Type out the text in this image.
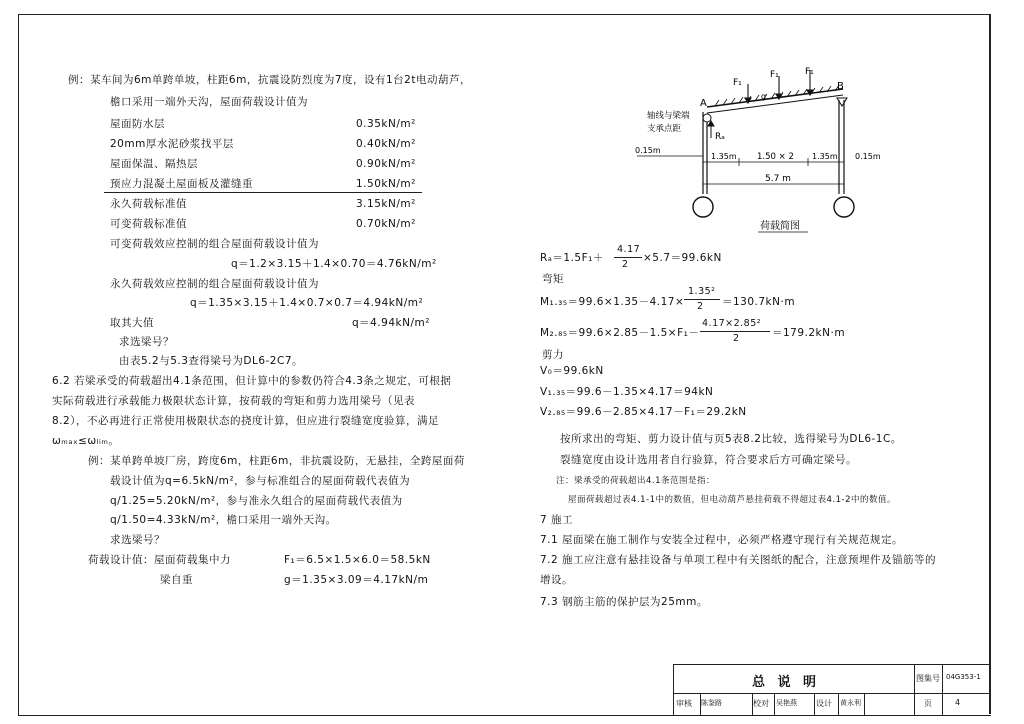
例：某车间为6m单跨单坡，柱距6m，抗震设防烈度为7度，设有1台2t电动葫芦，
檐口采用一端外天沟，屋面荷载设计值为
屋面防水层	0.35kN/m²
20mm厚水泥砂浆找平层	0.40kN/m²
屋面保温、隔热层	0.90kN/m²
预应力混凝土屋面板及灌缝重	1.50kN/m²
永久荷载标准值	3.15kN/m²
可变荷载标准值	0.70kN/m²
可变荷载效应控制的组合屋面荷载设计值为
q＝1.2×3.15＋1.4×0.70＝4.76kN/m²
永久荷载效应控制的组合屋面荷载设计值为
q＝1.35×3.15＋1.4×0.7×0.7＝4.94kN/m²
取其大值	q＝4.94kN/m²
求选梁号？
由表5.2与5.3查得梁号为DL6-2C7。
6.2 若梁承受的荷载超出4.1条范围，但计算中的参数仍符合4.3条之规定，可根据
实际荷载进行承载能力极限状态计算，按荷载的弯矩和剪力选用梁号（见表
8.2），不必再进行正常使用极限状态的挠度计算，但应进行裂缝宽度验算，满足
ωₘₐₓ≤ωₗᵢₘ。
例：某单跨单坡厂房，跨度6m，柱距6m，非抗震设防，无悬挂，全跨屋面荷
载设计值为q=6.5kN/m²，参与标准组合的屋面荷载代表值为
q/1.25=5.20kN/m²，参与准永久组合的屋面荷载代表值为
q/1.50=4.33kN/m²，檐口采用一端外天沟。
求选梁号？
荷载设计值：屋面荷载集中力	F₁＝6.5×1.5×6.0＝58.5kN
梁自重	g＝1.35×3.09＝4.17kN/m
F₁
F₁	F₁
g
A
B
Rₐ
轴线与梁端
支承点距
0.15m
1.35m 1.50 × 2 1.35m 0.15m
5.7 m
荷载简图
Rₐ＝1.5F₁＋
4.17
2
×5.7＝99.6kN
弯矩
M₁.₃₅＝99.6×1.35－4.17×
1.35²
2 ＝130.7kN·m
M₂.₈₅＝99.6×2.85－1.5×F₁－
4.17×2.85²
2	＝179.2kN·m
剪力
V₀＝99.6kN
V₁.₃₅＝99.6－1.35×4.17＝94kN
V₂.₈₅＝99.6－2.85×4.17－F₁＝29.2kN
按所求出的弯矩、剪力设计值与页5表8.2比较，选得梁号为DL6-1C。
裂缝宽度由设计选用者自行验算，符合要求后方可确定梁号。
注：梁承受的荷载超出4.1条范围是指：
屋面荷载超过表4.1-1中的数值，但电动葫芦悬挂荷载不得超过表4.1-2中的数值。
7 施工
7.1 屋面梁在施工制作与安装全过程中，必须严格遵守现行有关规范规定。
7.2 施工应注意有悬挂设备与单项工程中有关图纸的配合，注意预埋件及锚筋等的
增设。
7.3 钢筋主筋的保护层为25mm。
总 说 明	图集号 04G353-1
审核 陈鉴路	校对 吴艳燕 设计 黄永利	页	4
